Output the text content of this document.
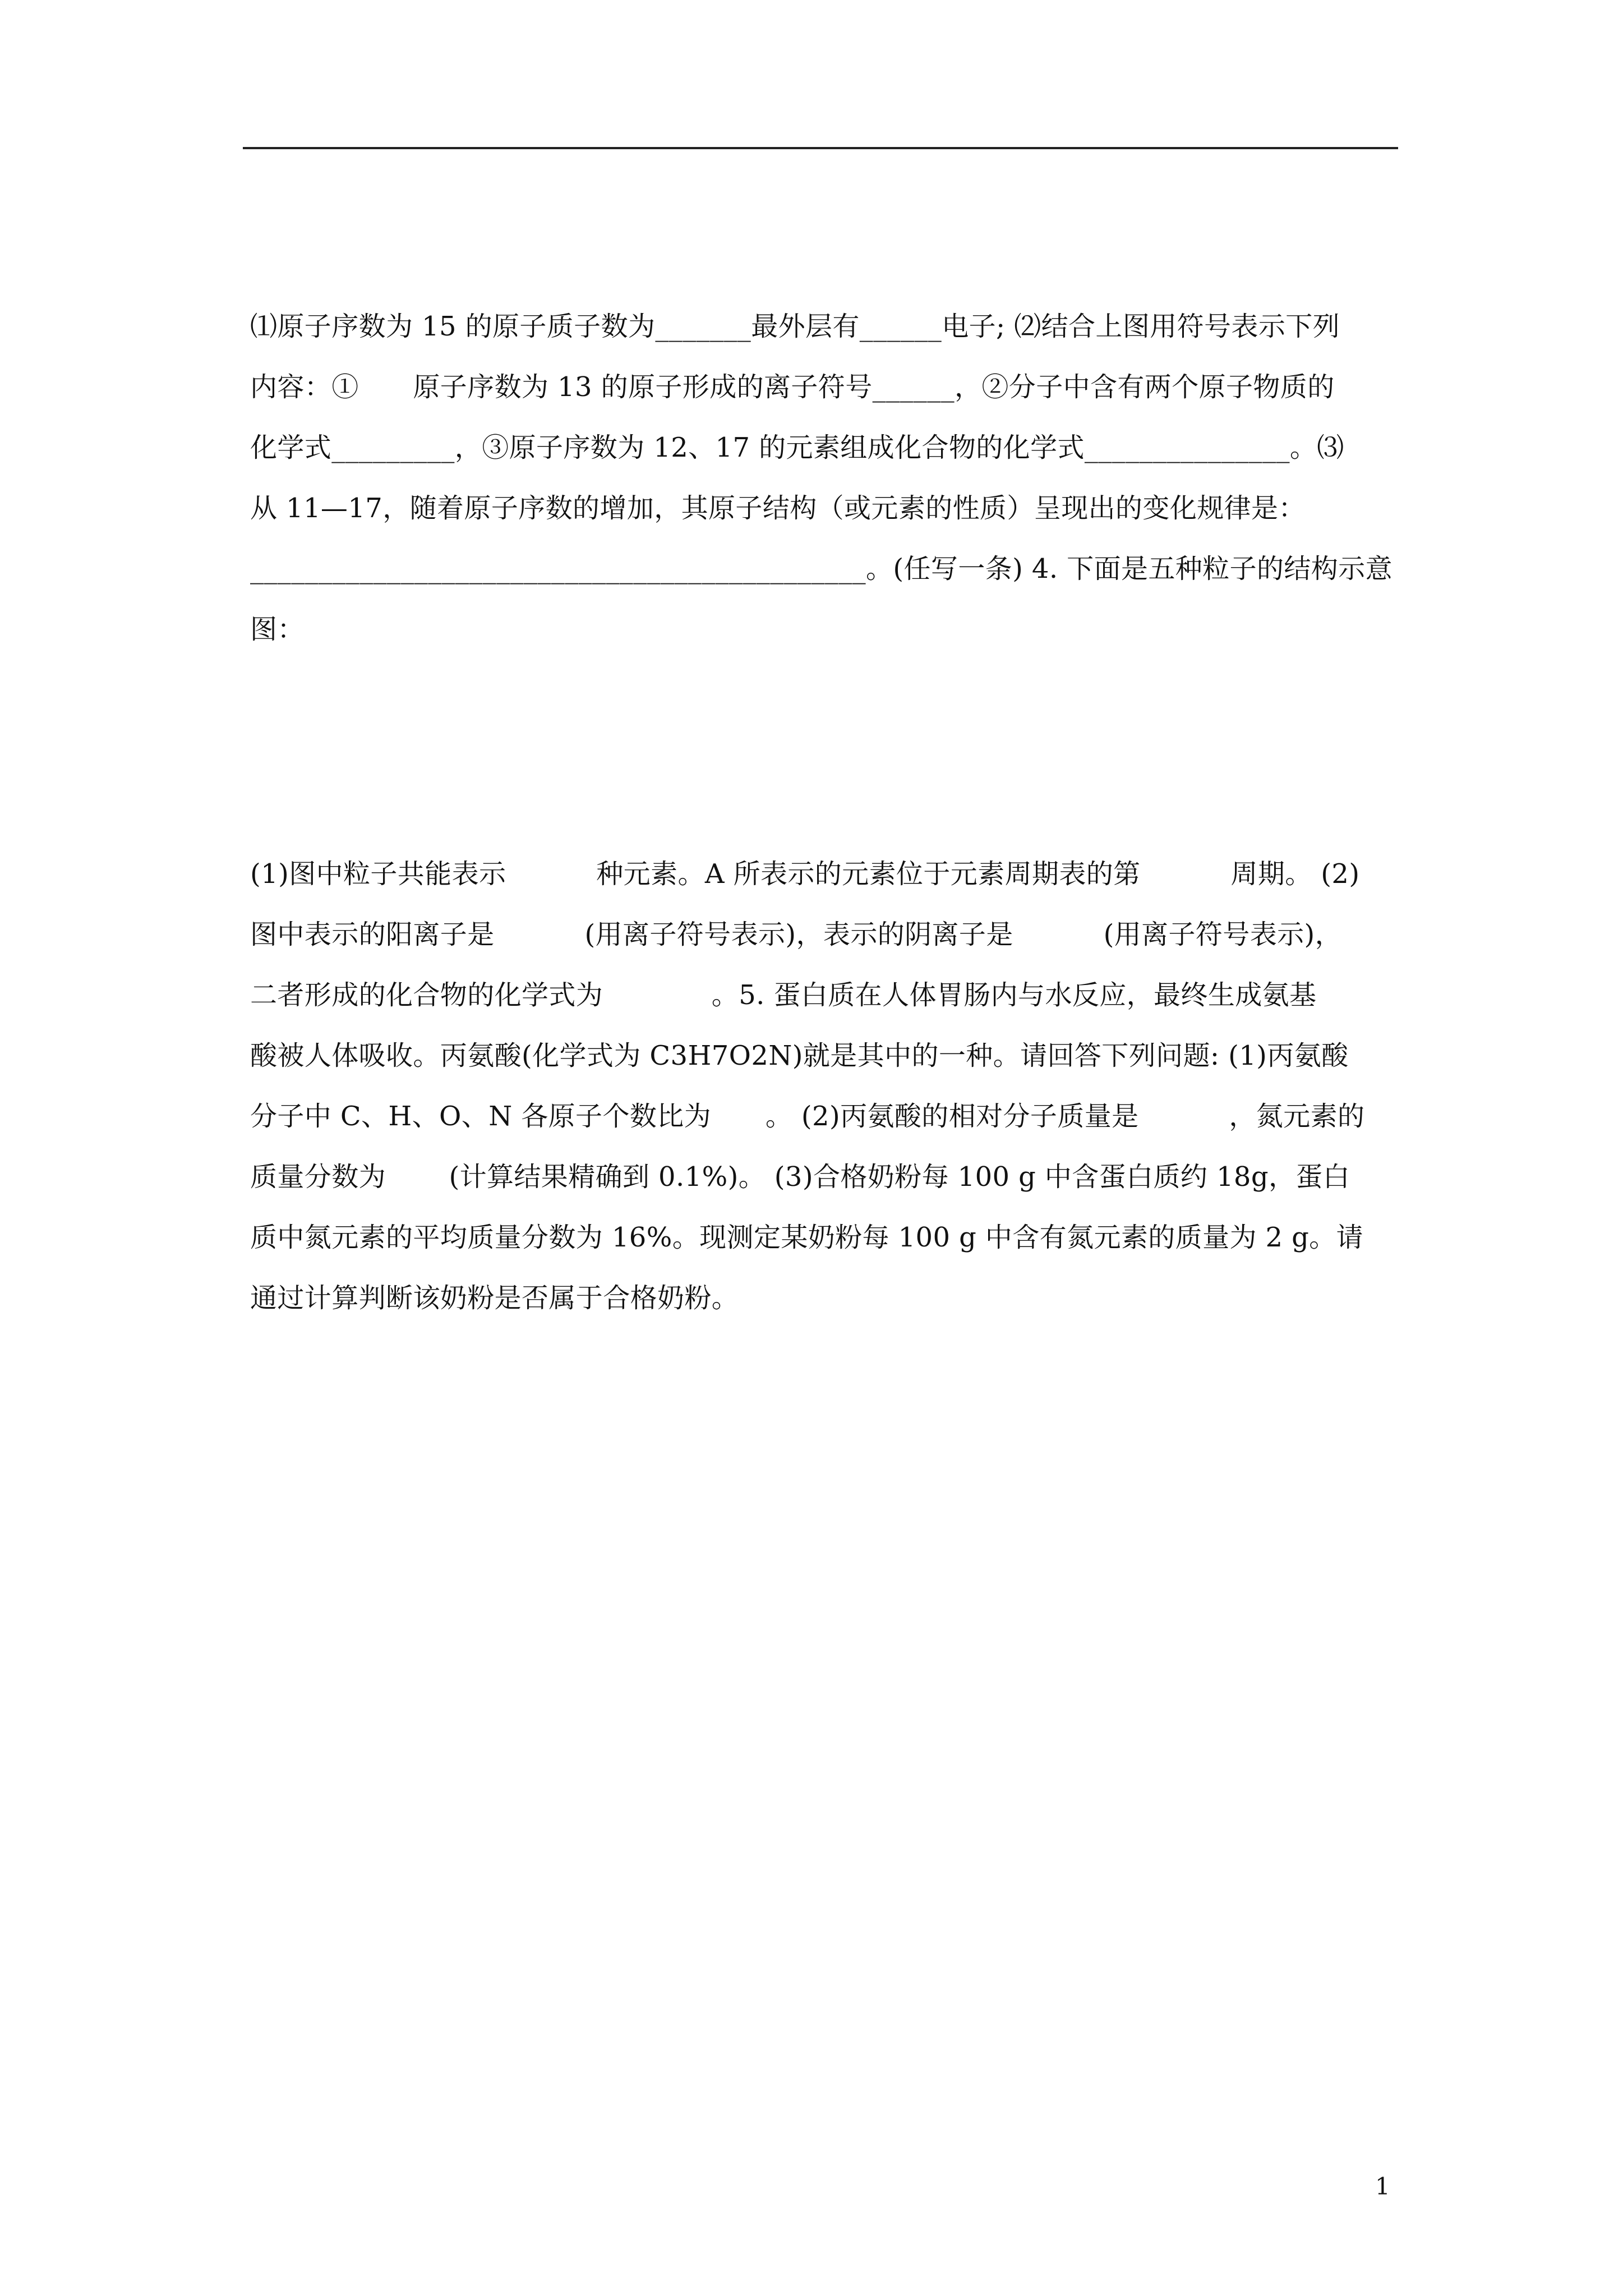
⑴原子序数为 15 的原子质子数为_______最外层有______电子; ⑵结合上图用符号表示下列
内容：①　　原子序数为 13 的原子形成的离子符号______，②分子中含有两个原子物质的
化学式_________，③原子序数为 12、17 的元素组成化合物的化学式_______________。⑶
从 11—17，随着原子序数的增加，其原子结构（或元素的性质）呈现出的变化规律是：
_____________________________________________。(任写一条) 4. 下面是五种粒子的结构示意
图：
(1)图中粒子共能表示　　　 种元素。A 所表示的元素位于元素周期表的第　　　 周期。 (2)
图中表示的阳离子是　　　 (用离子符号表示)，表示的阴离子是　　　 (用离子符号表示)，
二者形成的化合物的化学式为　　　　。5. 蛋白质在人体胃肠内与水反应，最终生成氨基
酸被人体吸收。丙氨酸(化学式为 C3H7O2N)就是其中的一种。请回答下列问题: (1)丙氨酸
分子中 C、H、O、N 各原子个数比为　　。 (2)丙氨酸的相对分子质量是　　　 ，氮元素的
质量分数为　　 (计算结果精确到 0.1%)。 (3)合格奶粉每 100 g 中含蛋白质约 18g，蛋白
质中氮元素的平均质量分数为 16%。现测定某奶粉每 100 g 中含有氮元素的质量为 2 g。请
通过计算判断该奶粉是否属于合格奶粉。
1
